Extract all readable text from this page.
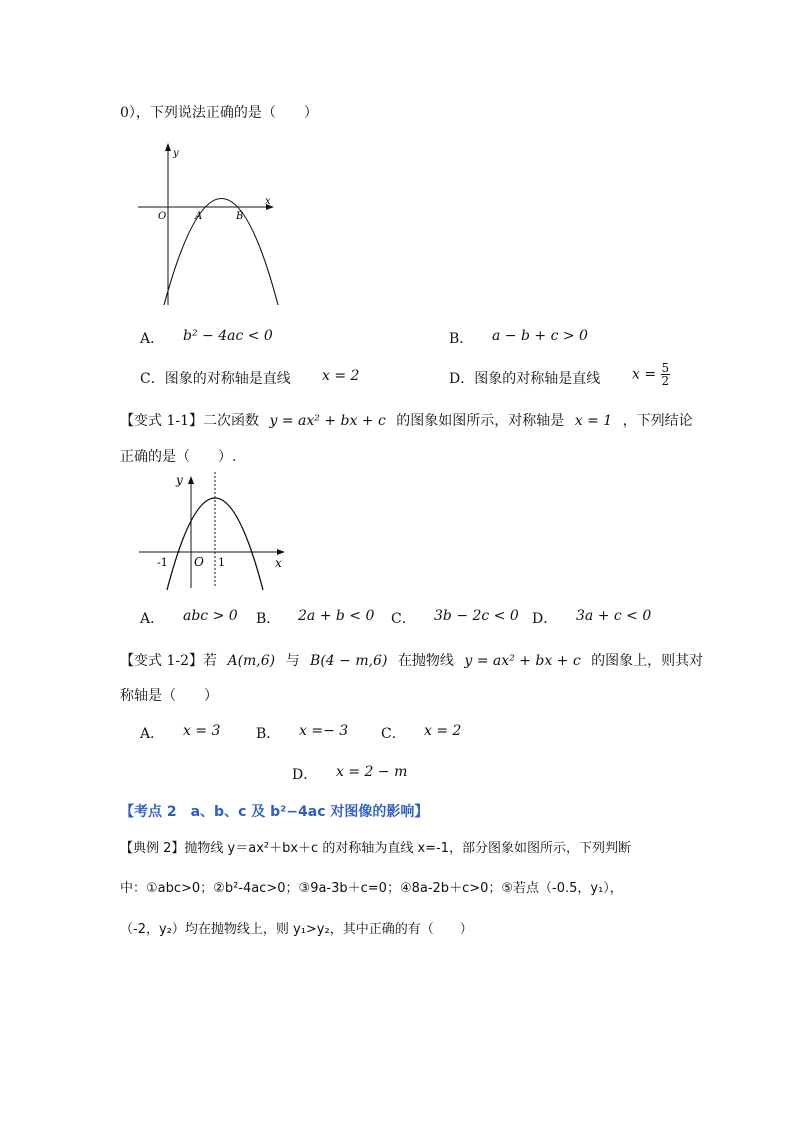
0），下列说法正确的是（　　）
y
x
O	A	B
A． b² − 4ac < 0	B． a − b + c > 0
C．图象的对称轴是直线 x = 2	D．图象的对称轴是直线 $x = \frac{5}{2}$
【变式 1-1】二次函数 y = ax² + bx + c 的图象如图所示，对称轴是 x = 1 ，下列结论
正确的是（　　）.
y
x
O
-1	1
A． abc > 0 B． 2a + b < 0 C． 3b − 2c < 0 D． 3a + c < 0
【变式 1-2】若 A(m,6) 与 B(4 − m,6) 在抛物线 y = ax² + bx + c 的图象上，则其对
称轴是（　　）
A． x = 3	B． x =− 3 C． x = 2
D． x = 2 − m
【考点 2　a、b、c 及 b²−4ac 对图像的影响】
【典例 2】抛物线 y＝ax²＋bx＋c 的对称轴为直线 x=-1，部分图象如图所示，下列判断
中：①abc>0；②b²-4ac>0；③9a-3b＋c=0；④8a-2b＋c>0；⑤若点（-0.5，y₁），
（-2，y₂）均在抛物线上，则 y₁>y₂，其中正确的有（　　）
